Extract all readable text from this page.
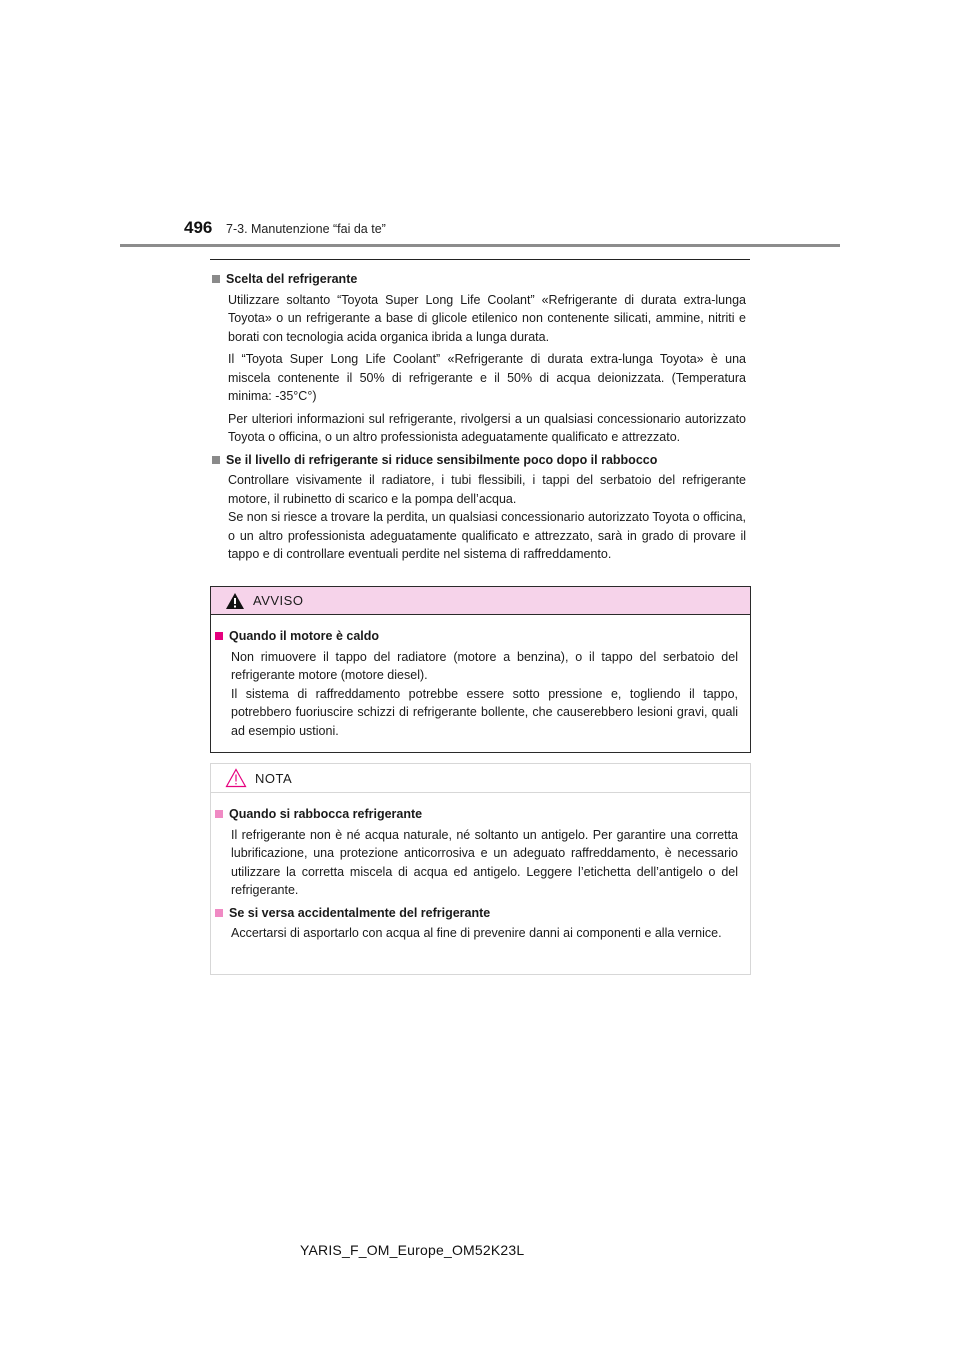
496 7-3. Manutenzione “fai da te”
Scelta del refrigerante
Utilizzare soltanto “Toyota Super Long Life Coolant” «Refrigerante di durata extra-lunga Toyota» o un refrigerante a base di glicole etilenico non contenente silicati, ammine, nitriti e borati con tecnologia acida organica ibrida a lunga durata.
Il “Toyota Super Long Life Coolant” «Refrigerante di durata extra-lunga Toyota» è una miscela contenente il 50% di refrigerante e il 50% di acqua deionizzata. (Temperatura minima: -35°C°)
Per ulteriori informazioni sul refrigerante, rivolgersi a un qualsiasi concessionario autorizzato Toyota o officina, o un altro professionista adeguatamente qualificato e attrezzato.
Se il livello di refrigerante si riduce sensibilmente poco dopo il rabbocco
Controllare visivamente il radiatore, i tubi flessibili, i tappi del serbatoio del refrigerante motore, il rubinetto di scarico e la pompa dell’acqua.
Se non si riesce a trovare la perdita, un qualsiasi concessionario autorizzato Toyota o officina, o un altro professionista adeguatamente qualificato e attrezzato, sarà in grado di provare il tappo e di controllare eventuali perdite nel sistema di raffreddamento.
AVVISO
Quando il motore è caldo
Non rimuovere il tappo del radiatore (motore a benzina), o il tappo del serbatoio del refrigerante motore (motore diesel).
Il sistema di raffreddamento potrebbe essere sotto pressione e, togliendo il tappo, potrebbero fuoriuscire schizzi di refrigerante bollente, che causerebbero lesioni gravi, quali ad esempio ustioni.
NOTA
Quando si rabbocca refrigerante
Il refrigerante non è né acqua naturale, né soltanto un antigelo. Per garantire una corretta lubrificazione, una protezione anticorrosiva e un adeguato raffreddamento, è necessario utilizzare la corretta miscela di acqua ed antigelo. Leggere l’etichetta dell’antigelo o del refrigerante.
Se si versa accidentalmente del refrigerante
Accertarsi di asportarlo con acqua al fine di prevenire danni ai componenti e alla vernice.
YARIS_F_OM_Europe_OM52K23L
